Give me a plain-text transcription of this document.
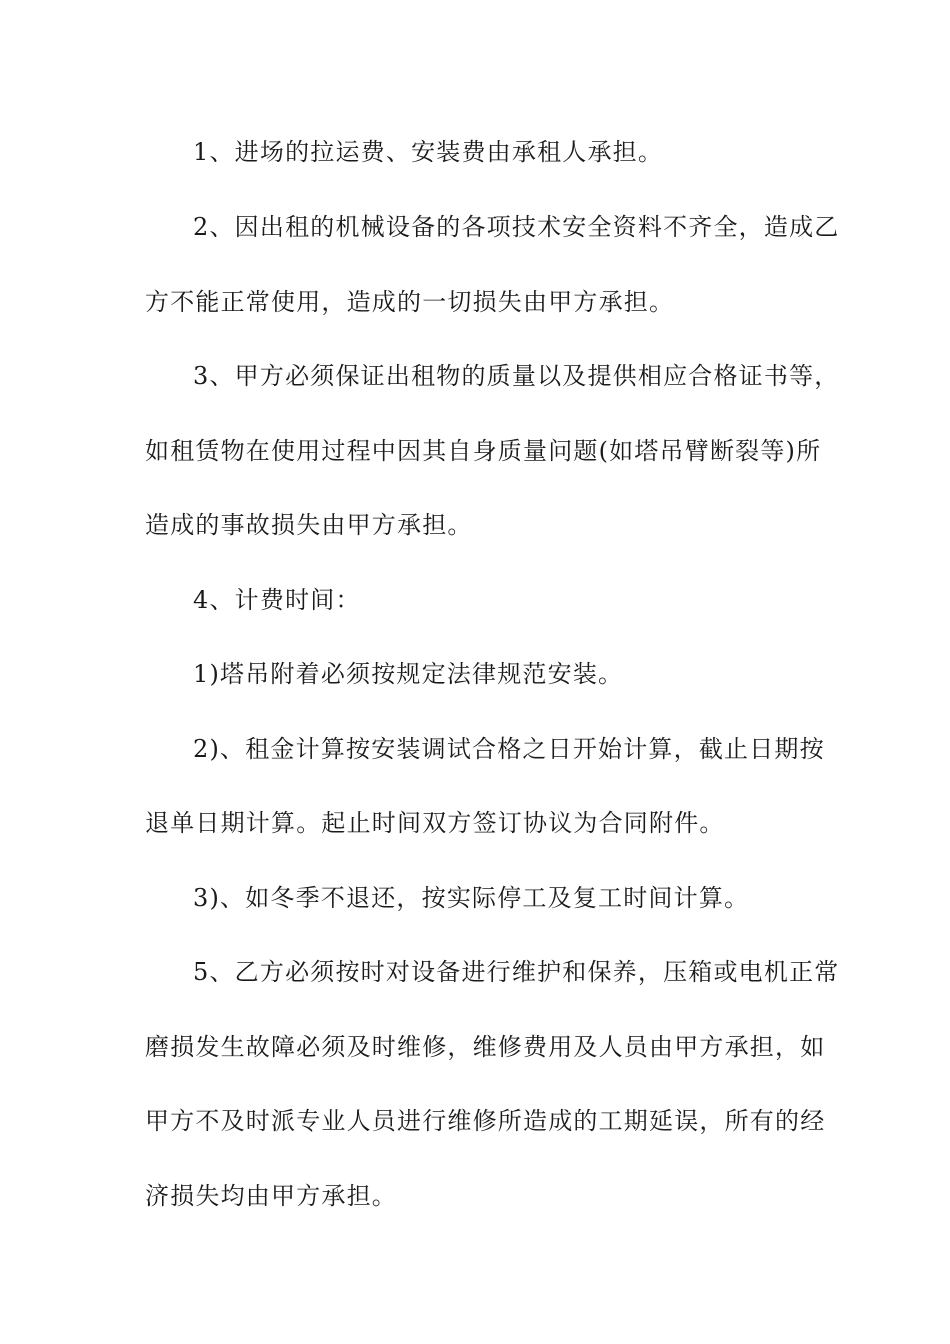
1、进场的拉运费、安装费由承租人承担。
2、因出租的机械设备的各项技术安全资料不齐全，造成乙
方不能正常使用，造成的一切损失由甲方承担。
3、甲方必须保证出租物的质量以及提供相应合格证书等，
如租赁物在使用过程中因其自身质量问题(如塔吊臂断裂等)所
造成的事故损失由甲方承担。
4、计费时间：
1)塔吊附着必须按规定法律规范安装。
2)、租金计算按安装调试合格之日开始计算，截止日期按
退单日期计算。起止时间双方签订协议为合同附件。
3)、如冬季不退还，按实际停工及复工时间计算。
5、乙方必须按时对设备进行维护和保养，压箱或电机正常
磨损发生故障必须及时维修，维修费用及人员由甲方承担，如
甲方不及时派专业人员进行维修所造成的工期延误，所有的经
济损失均由甲方承担。
